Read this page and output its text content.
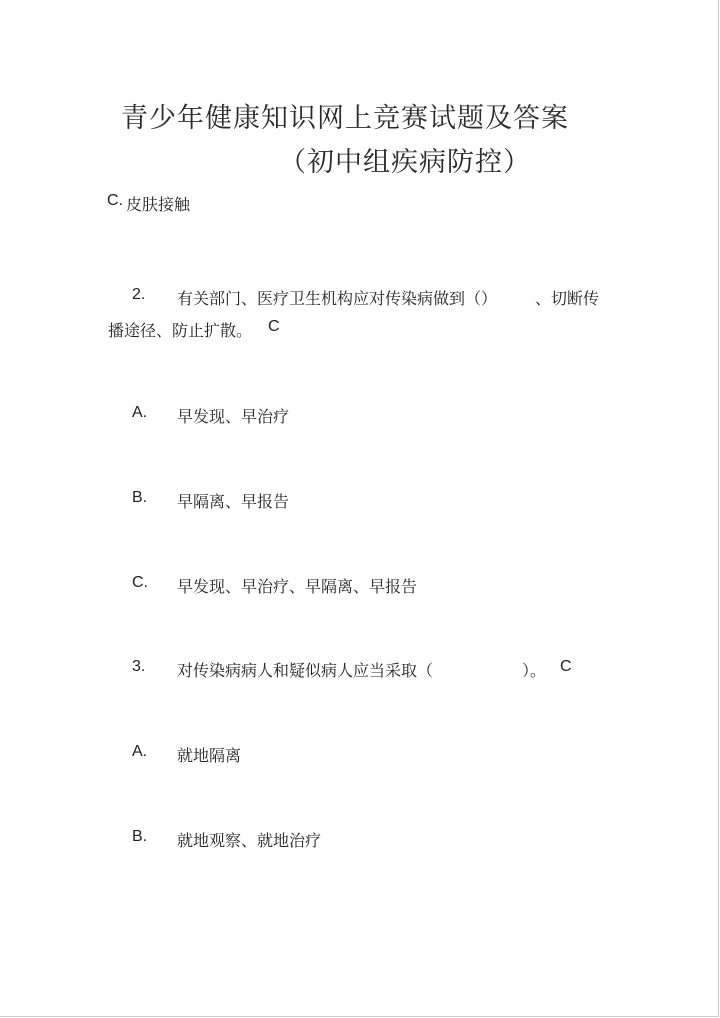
青少年健康知识网上竞赛试题及答案
（初中组疾病防控）
C. 皮肤接触
2. 有关部门、医疗卫生机构应对传染病做到（） 、切断传
播途径、防止扩散。 C
A. 早发现、早治疗
B. 早隔离、早报告
C. 早发现、早治疗、早隔离、早报告
3. 对传染病病人和疑似病人应当采取（	）。 C
A. 就地隔离
B. 就地观察、就地治疗
